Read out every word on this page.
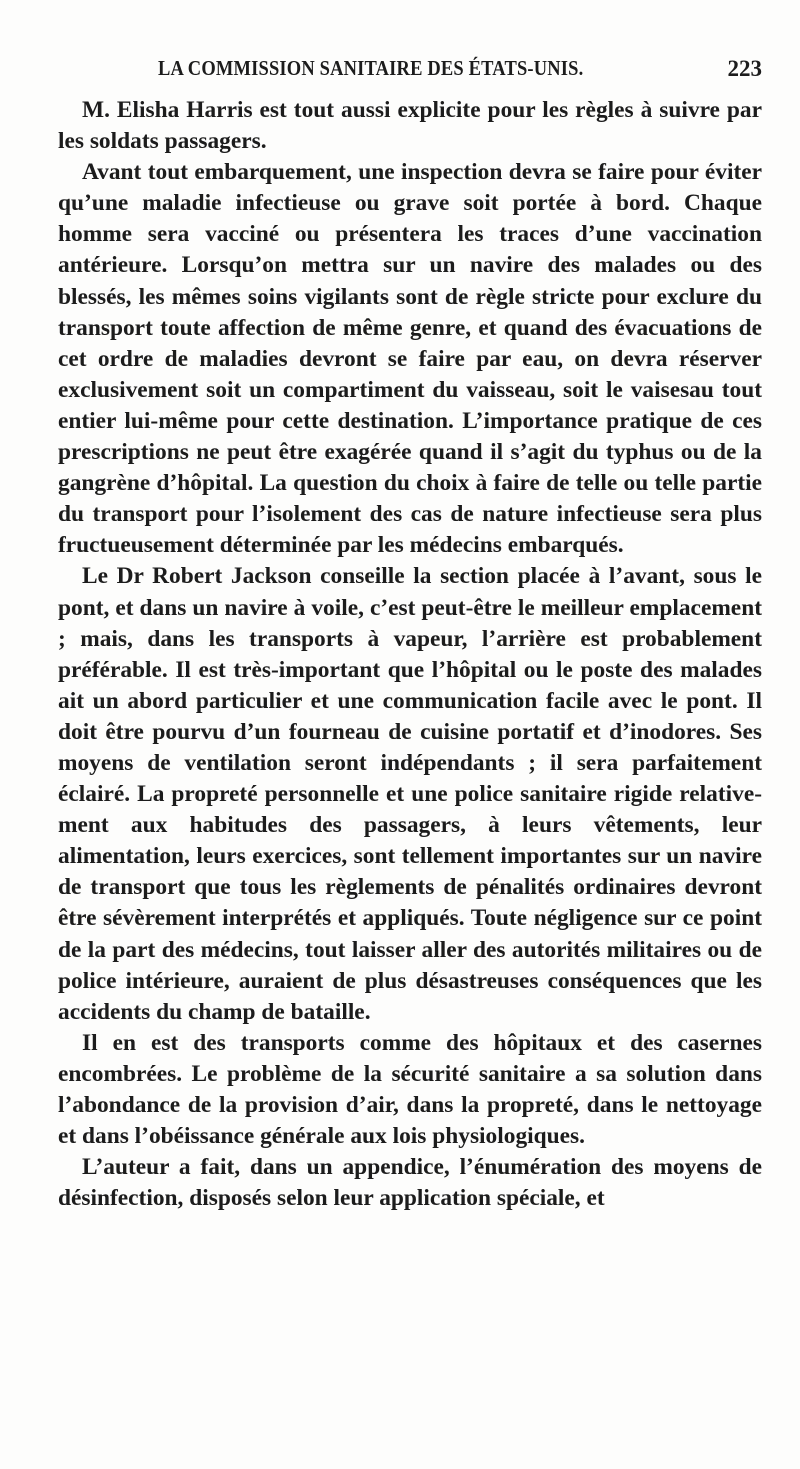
LA COMMISSION SANITAIRE DES ÉTATS-UNIS.	223

M. Elisha Harris est tout aussi explicite pour les règles à suivre par les soldats passagers.

Avant tout embarquement, une inspection devra se faire pour éviter qu’une maladie infectieuse ou grave soit portée à bord. Chaque homme sera vacciné ou présentera les traces d’une vaccination antérieure. Lorsqu’on mettra sur un navire des malades ou des blessés, les mêmes soins vigilants sont de règle stricte pour exclure du transport toute affection de même genre, et quand des évacuations de cet ordre de maladies devront se faire par eau, on devra réserver exclusivement soit un compartiment du vaisseau, soit le vaisesau tout entier lui-même pour cette destination. L’importance pratique de ces prescriptions ne peut être exagérée quand il s’agit du typhus ou de la gangrène d’hôpital. La question du choix à faire de telle ou telle partie du transport pour l’isolement des cas de nature infectieuse sera plus fructueusement déterminée par les médecins embarqués.

Le Dr Robert Jackson conseille la section placée à l’avant, sous le pont, et dans un navire à voile, c’est peut-être le meilleur emplacement ; mais, dans les transports à vapeur, l’arrière est probablement préférable. Il est très-important que l’hôpital ou le poste des malades ait un abord particulier et une communication facile avec le pont. Il doit être pourvu d’un fourneau de cuisine portatif et d’inodores. Ses moyens de ventilation seront indépendants ; il sera parfaitement éclairé. La propreté personnelle et une police sanitaire rigide relativement aux habitudes des passagers, à leurs vêtements, leur alimentation, leurs exercices, sont tellement importantes sur un navire de transport que tous les règlements de pénalités ordinaires devront être sévèrement interprétés et appliqués. Toute négligence sur ce point de la part des médecins, tout laisser aller des autorités militaires ou de police intérieure, auraient de plus désastreuses conséquences que les accidents du champ de bataille.

Il en est des transports comme des hôpitaux et des casernes encombrées. Le problème de la sécurité sanitaire a sa solution dans l’abondance de la provision d’air, dans la propreté, dans le nettoyage et dans l’obéissance générale aux lois physiologiques.

L’auteur a fait, dans un appendice, l’énumération des moyens de désinfection, disposés selon leur application spéciale, et
